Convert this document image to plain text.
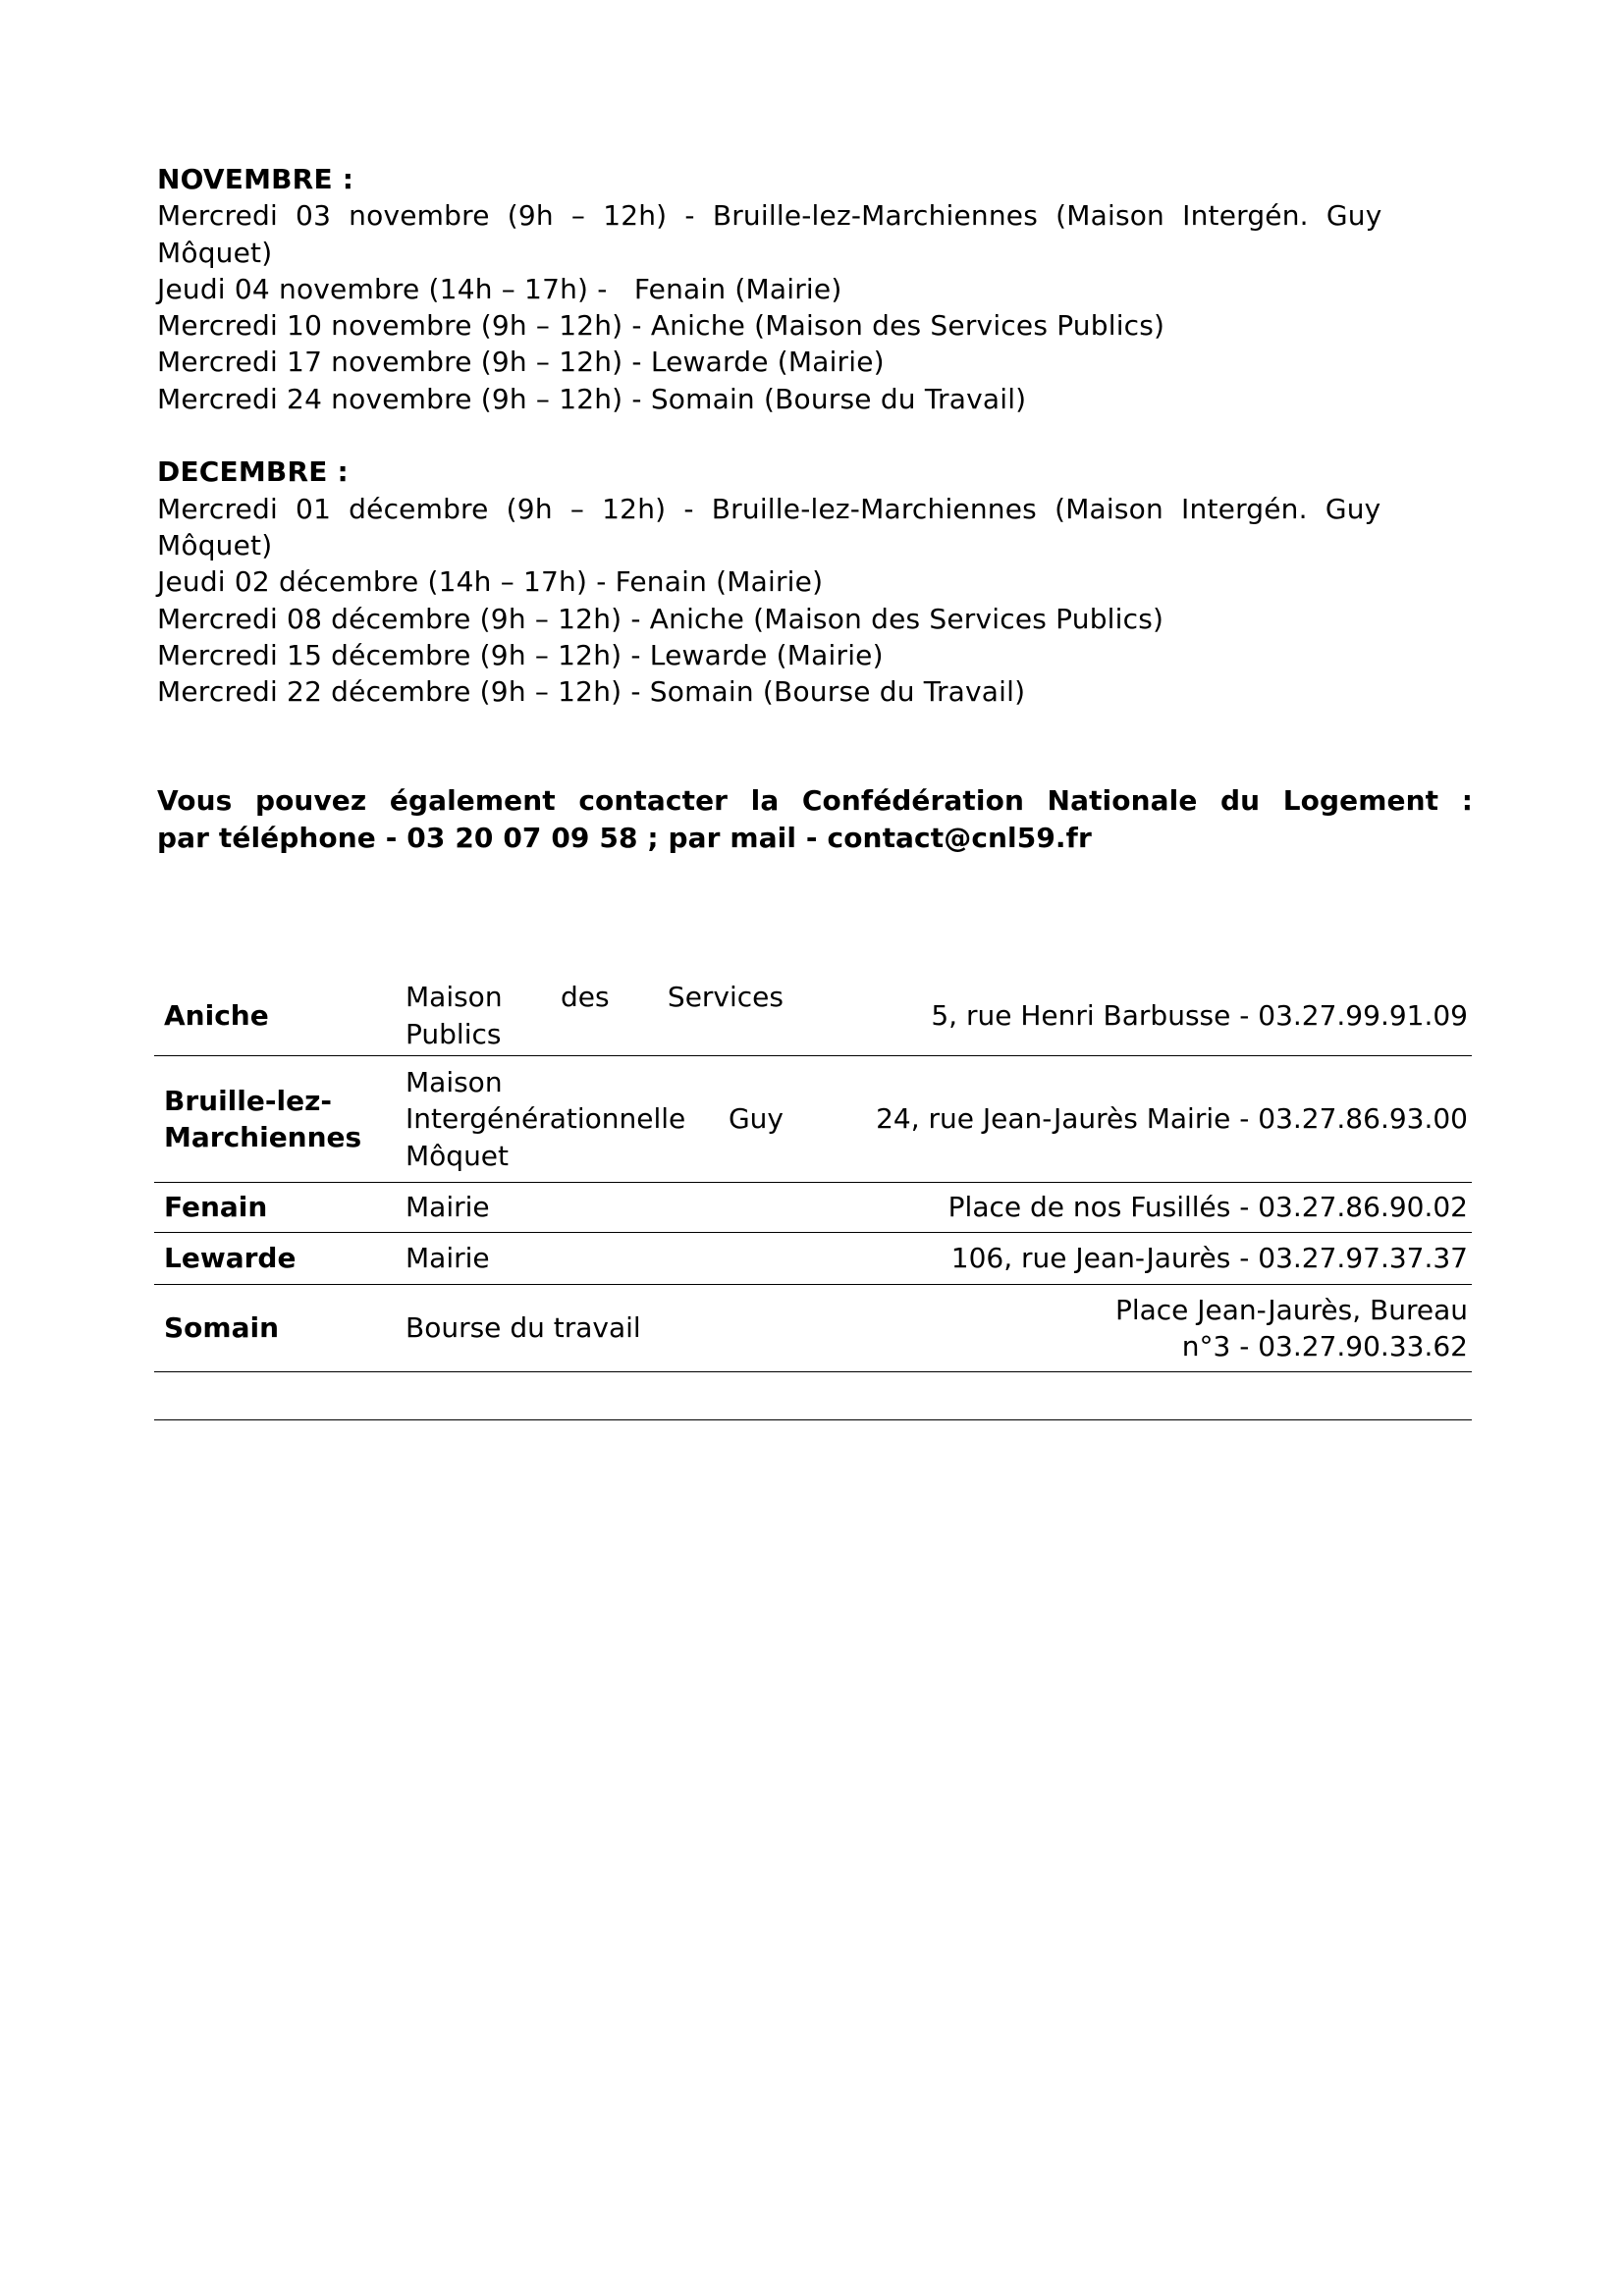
NOVEMBRE :
Mercredi 03 novembre (9h – 12h) - Bruille-lez-Marchiennes (Maison Intergén. Guy
Môquet)
Jeudi 04 novembre (14h – 17h) -   Fenain (Mairie)
Mercredi 10 novembre (9h – 12h) - Aniche (Maison des Services Publics)
Mercredi 17 novembre (9h – 12h) - Lewarde (Mairie)
Mercredi 24 novembre (9h – 12h) - Somain (Bourse du Travail)
DECEMBRE :
Mercredi 01 décembre (9h – 12h) - Bruille-lez-Marchiennes (Maison Intergén. Guy
Môquet)
Jeudi 02 décembre (14h – 17h) - Fenain (Mairie)
Mercredi 08 décembre (9h – 12h) - Aniche (Maison des Services Publics)
Mercredi 15 décembre (9h – 12h) - Lewarde (Mairie)
Mercredi 22 décembre (9h – 12h) - Somain (Bourse du Travail)
Vous pouvez également contacter la Confédération Nationale du Logement :
par téléphone - 03 20 07 09 58 ; par mail - contact@cnl59.fr
Aniche	Maison des Services Publics	5, rue Henri Barbusse - 03.27.99.91.09
Bruille-lez-Marchiennes	Maison Intergénérationnelle Guy Môquet	24, rue Jean-Jaurès Mairie - 03.27.86.93.00
Fenain	Mairie	Place de nos Fusillés - 03.27.86.90.02
Lewarde	Mairie	106, rue Jean-Jaurès - 03.27.97.37.37
Somain	Bourse du travail	Place Jean-Jaurès, Bureau n°3 - 03.27.90.33.62
